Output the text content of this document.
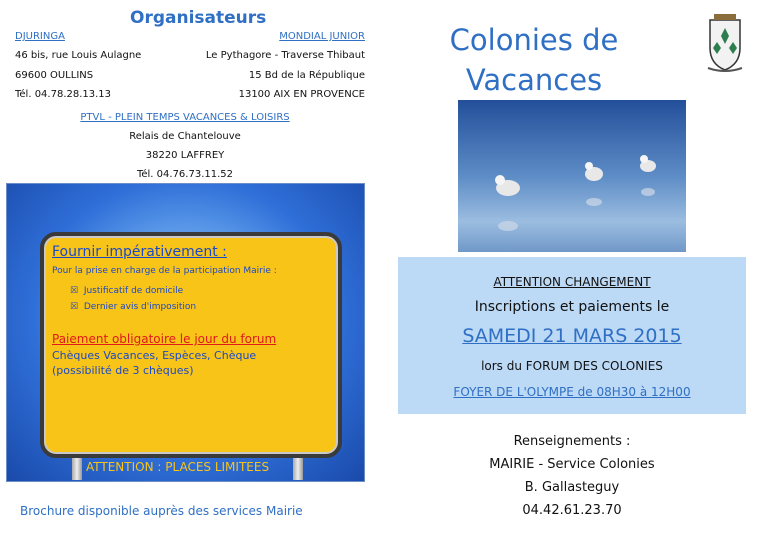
Organisateurs
DJURINGA
46 bis, rue Louis Aulagne
69600 OULLINS
Tél. 04.78.28.13.13
MONDIAL JUNIOR
Le Pythagore - Traverse Thibaut
15 Bd de la République
13100 AIX EN PROVENCE
PTVL - PLEIN TEMPS VACANCES & LOISIRS
Relais de Chantelouve
38220 LAFFREY
Tél. 04.76.73.11.52
Fournir impérativement :
Pour la prise en charge de la participation Mairie :
☒ Justificatif de domicile
☒ Dernier avis d'imposition
Paiement obligatoire le jour du forum
Chèques Vacances, Espèces, Chèque
(possibilité de 3 chèques)
ATTENTION : PLACES LIMITEES
Brochure disponible auprès des services Mairie
Colonies de Vacances
ATTENTION CHANGEMENT
Inscriptions et paiements le
SAMEDI 21 MARS 2015
lors du FORUM DES COLONIES
FOYER DE L'OLYMPE de 08H30 à 12H00
Renseignements :
MAIRIE - Service Colonies
B. Gallasteguy
04.42.61.23.70
